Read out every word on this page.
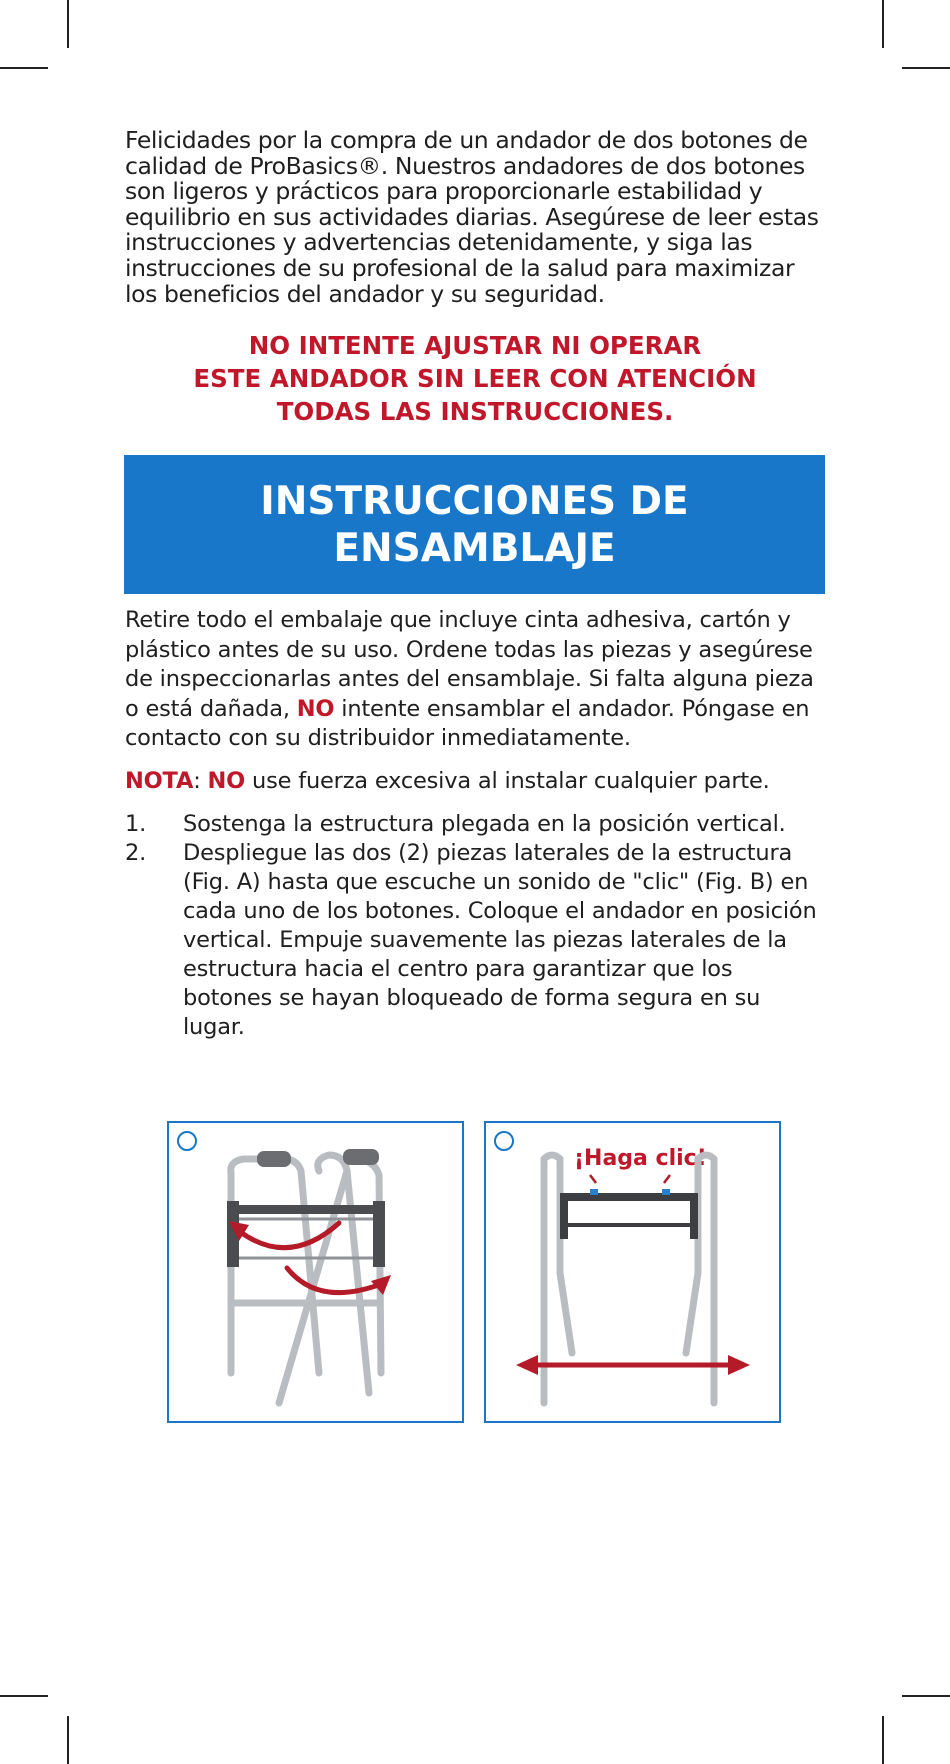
Felicidades por la compra de un andador de dos botones de calidad de ProBasics®. Nuestros andadores de dos botones son ligeros y prácticos para proporcionarle estabilidad y equilibrio en sus actividades diarias. Asegúrese de leer estas instrucciones y advertencias detenidamente, y siga las instrucciones de su profesional de la salud para maximizar los beneficios del andador y su seguridad.

NO INTENTE AJUSTAR NI OPERAR
ESTE ANDADOR SIN LEER CON ATENCIÓN
TODAS LAS INSTRUCCIONES.
INSTRUCCIONES DE
ENSAMBLAJE

Retire todo el embalaje que incluye cinta adhesiva, cartón y plástico antes de su uso. Ordene todas las piezas y asegúrese de inspeccionarlas antes del ensamblaje. Si falta alguna pieza o está dañada, NO intente ensamblar el andador. Póngase en contacto con su distribuidor inmediatamente.

NOTA: NO use fuerza excesiva al instalar cualquier parte.

1.	Sostenga la estructura plegada en la posición vertical.
2.	Despliegue las dos (2) piezas laterales de la estructura (Fig. A) hasta que escuche un sonido de "clic" (Fig. B) en cada uno de los botones. Coloque el andador en posición vertical. Empuje suavemente las piezas laterales de la estructura hacia el centro para garantizar que los botones se hayan bloqueado de forma segura en su lugar.
¡Haga clic!
